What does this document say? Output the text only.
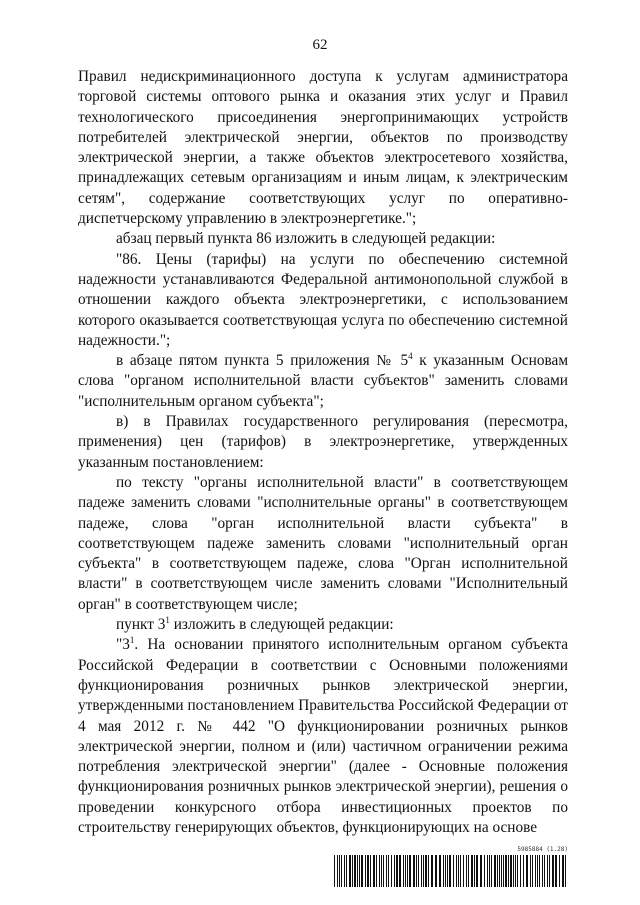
62

Правил недискриминационного доступа к услугам администратора торговой системы оптового рынка и оказания этих услуг и Правил технологического присоединения энергопринимающих устройств потребителей электрической энергии, объектов по производству электрической энергии, а также объектов электросетевого хозяйства, принадлежащих сетевым организациям и иным лицам, к электрическим сетям", содержание соответствующих услуг по оперативно-диспетчерскому управлению в электроэнергетике.";

абзац первый пункта 86 изложить в следующей редакции:

"86. Цены (тарифы) на услуги по обеспечению системной надежности устанавливаются Федеральной антимонопольной службой в отношении каждого объекта электроэнергетики, с использованием которого оказывается соответствующая услуга по обеспечению системной надежности.";

в абзаце пятом пункта 5 приложения № $5^4$ к указанным Основам слова "органом исполнительной власти субъектов" заменить словами "исполнительным органом субъекта";

в) в Правилах государственного регулирования (пересмотра, применения) цен (тарифов) в электроэнергетике, утвержденных указанным постановлением:

по тексту "органы исполнительной власти" в соответствующем падеже заменить словами "исполнительные органы" в соответствующем падеже, слова "орган исполнительной власти субъекта" в соответствующем падеже заменить словами "исполнительный орган субъекта" в соответствующем падеже, слова "Орган исполнительной власти" в соответствующем числе заменить словами "Исполнительный орган" в соответствующем числе;

пункт $3^1$ изложить в следующей редакции:

"$3^1$. На основании принятого исполнительным органом субъекта Российской Федерации в соответствии с Основными положениями функционирования розничных рынков электрической энергии, утвержденными постановлением Правительства Российской Федерации от 4 мая 2012 г. № 442 "О функционировании розничных рынков электрической энергии, полном и (или) частичном ограничении режима потребления электрической энергии" (далее - Основные положения функционирования розничных рынков электрической энергии), решения о проведении конкурсного отбора инвестиционных проектов по строительству генерирующих объектов, функционирующих на основе

5985884 (1.28)
